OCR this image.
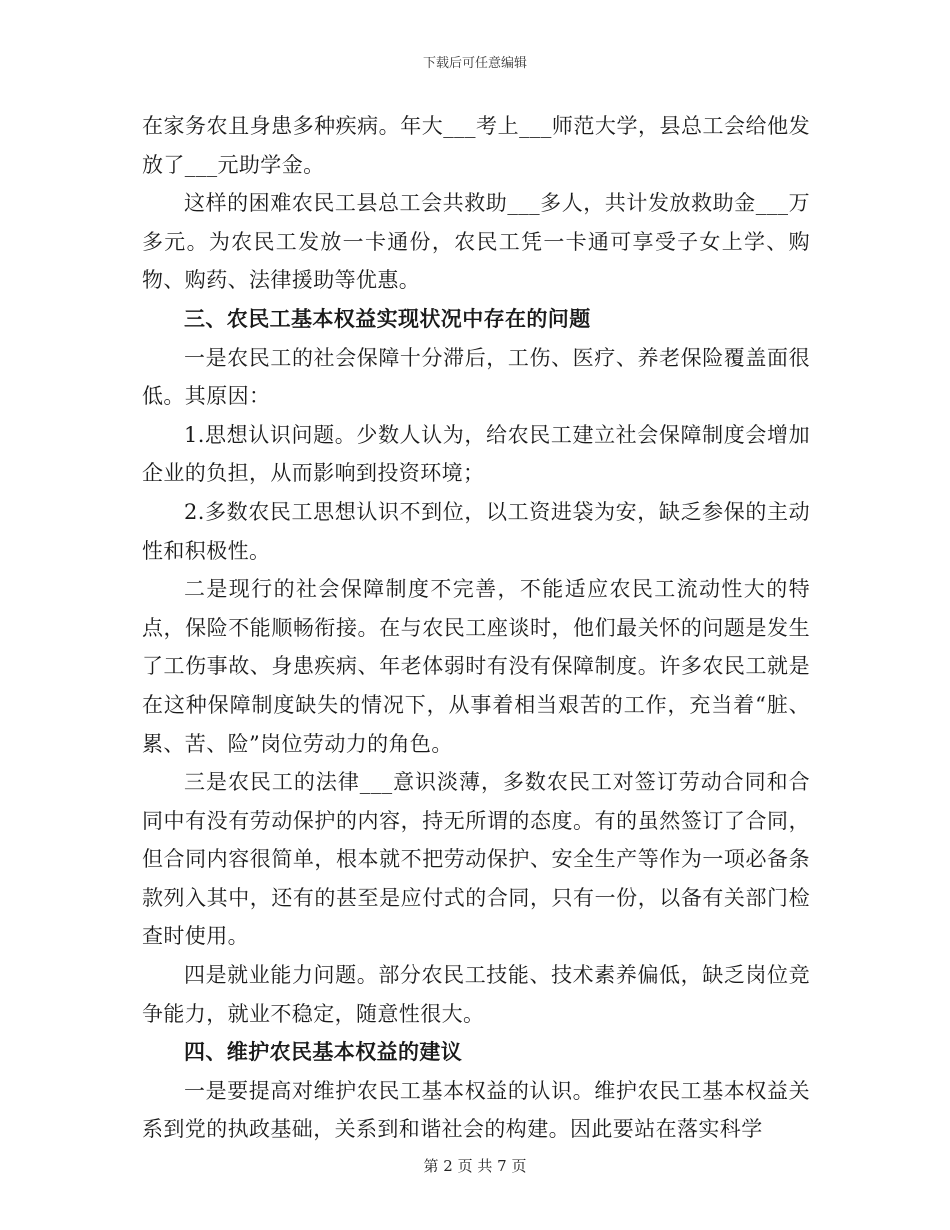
下载后可任意编辑

在家务农且身患多种疾病。年大___考上___师范大学，县总工会给他发放了___元助学金。

这样的困难农民工县总工会共救助___多人，共计发放救助金___万多元。为农民工发放一卡通份，农民工凭一卡通可享受子女上学、购物、购药、法律援助等优惠。

三、农民工基本权益实现状况中存在的问题

一是农民工的社会保障十分滞后，工伤、医疗、养老保险覆盖面很低。其原因：

1.思想认识问题。少数人认为，给农民工建立社会保障制度会增加企业的负担，从而影响到投资环境；

2.多数农民工思想认识不到位，以工资进袋为安，缺乏参保的主动性和积极性。

二是现行的社会保障制度不完善，不能适应农民工流动性大的特点，保险不能顺畅衔接。在与农民工座谈时，他们最关怀的问题是发生了工伤事故、身患疾病、年老体弱时有没有保障制度。许多农民工就是在这种保障制度缺失的情况下，从事着相当艰苦的工作，充当着“脏、累、苦、险”岗位劳动力的角色。

三是农民工的法律___意识淡薄，多数农民工对签订劳动合同和合同中有没有劳动保护的内容，持无所谓的态度。有的虽然签订了合同，但合同内容很简单，根本就不把劳动保护、安全生产等作为一项必备条款列入其中，还有的甚至是应付式的合同，只有一份，以备有关部门检查时使用。

四是就业能力问题。部分农民工技能、技术素养偏低，缺乏岗位竞争能力，就业不稳定，随意性很大。

四、维护农民基本权益的建议

一是要提高对维护农民工基本权益的认识。维护农民工基本权益关系到党的执政基础，关系到和谐社会的构建。因此要站在落实科学

第 2 页 共 7 页
